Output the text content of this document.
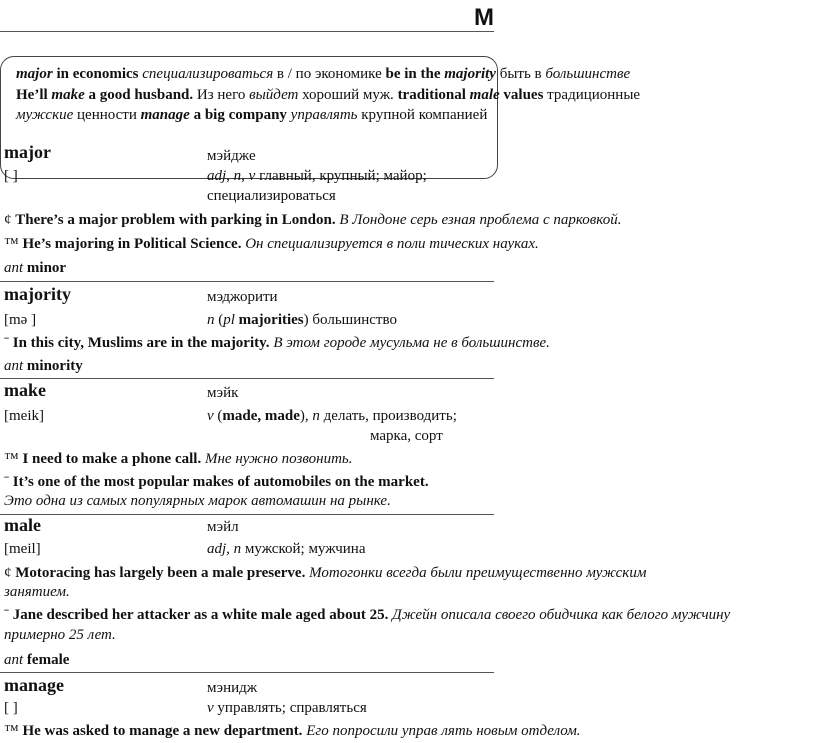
M
major in economics специализироваться в / по экономике be in the majority быть в большинстве
He’ll make a good husband. Из него выйдет хороший муж. traditional male values традиционные
мужские ценности manage a big company управлять крупной компанией
major	мэйдже
[ ]	adj, n, v главный, крупный; майор;
специализироваться
¢ There’s a major problem with parking in London. В Лондоне серь езная проблема с парковкой.
™ He’s majoring in Political Science. Он специализируется в поли тических науках.
ant minor
majority	мэджорити
[mə ]	n (pl majorities) большинство
ˉ In this city, Muslims are in the majority. В этом городе мусульма не в большинстве.
ant minority
make	мэйк
[meik]	v (made, made), n делать, производить;
марка, сорт
™ I need to make a phone call. Мне нужно позвонить.
ˉ It’s one of the most popular makes of automobiles on the market.
Это одна из самых популярных марок автомашин на рынке.
male	мэйл
[meil]	adj, n мужской; мужчина
¢ Motoracing has largely been a male preserve. Мотогонки всегда были преимущественно мужским
занятием.
ˉ Jane described her attacker as a white male aged about 25. Джейн описала своего обидчика как белого мужчину
примерно 25 лет.
ant female
manage	мэнидж
[ ]	v управлять; справляться
™ He was asked to manage a new department. Его попросили управ лять новым отделом.
